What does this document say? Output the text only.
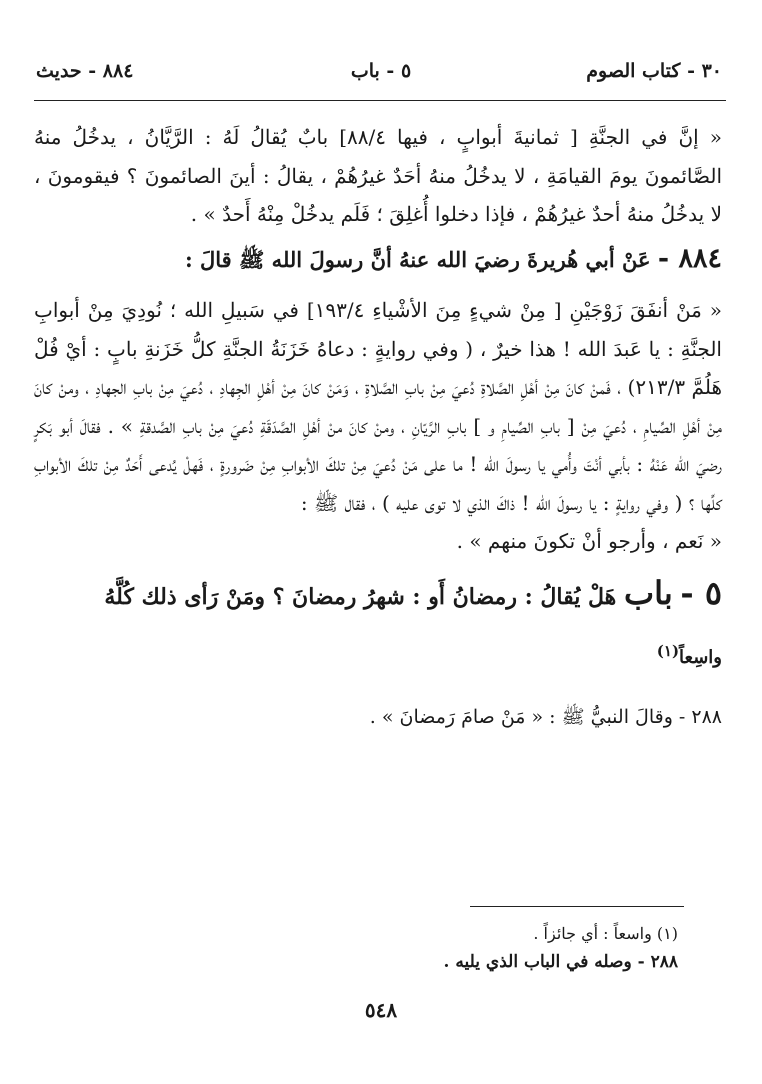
٣٠ - كتاب الصوم
٥ - باب
٨٨٤ - حديث

« إنَّ في الجنَّةِ [ ثمانيةَ أبوابٍ ، فيها ٨٨/٤] بابٌ يُقالُ لَهُ : الرَّيَّانُ ، يدخُلُ منهُ الصَّائمونَ يومَ القيامَةِ ، لا يدخُلُ منهُ أحَدٌ غيرُهُمْ ، يقالُ : أينَ الصائمونَ ؟ فيقومونَ ، لا يدخُلُ منهُ أحدٌ غيرُهُمْ ، فإذا دخلوا أُغلِقَ ؛ فَلَم يدخُلْ مِنْهُ أَحدٌ » .

٨٨٤ - عَنْ أبي هُريرةَ رضيَ الله عنهُ أنَّ رسولَ الله ﷺ قالَ :

« مَنْ أنفَقَ زَوْجَيْنِ [ مِنْ شيءٍ مِنَ الأشْياءِ ١٩٣/٤] في سَبيلِ الله ؛ نُودِيَ مِنْ أبوابِ الجنَّةِ : يا عَبدَ الله ! هذا خيرٌ ، ( وفي روايةٍ : دعاهُ خَزَنَةُ الجنَّةِ كلُّ خَزَنةِ بابٍ : أيْ فُلْ هَلُمَّ ٢١٣/٣) ، فَمنْ كانَ مِنْ أهْلِ الصَّلاةِ دُعيَ مِنْ بابِ الصَّلاةِ ، وَمَنْ كانَ مِنْ أهْلِ الجِهادِ ، دُعيَ مِنْ بابِ الجهادِ ، ومنْ كانَ مِنْ أهْلِ الصِّيامِ ، دُعيَ مِنْ [ بابِ الصِّيامِ و ] بابِ الرَّيّانِ ، ومنْ كانَ منْ أهْلِ الصَّدَقَةِ دُعيَ مِنْ بابِ الصَّدقةِ » . فقالَ أبو بَكرٍ رضيَ الله عَنْهُ : بأبي أنْتَ وأُمي يا رسولَ الله ! ما على مَنْ دُعيَ مِنْ تلكَ الأبوابِ مِنْ ضَرورةٍ ، فَهلْ يُدعى أَحَدٌ مِنْ تلكَ الأبوابِ كلِّها ؟ ( وفي روايةٍ : يا رسولَ الله ! ذاكَ الذي لا توى عليه ) ، فقال ﷺ :

« نَعم ، وأرجو أنْ تكونَ منهم » .

٥ - باب هَلْ يُقالُ : رمضانُ أَو : شهرُ رمضانَ ؟ ومَنْ رَأى ذلك كُلَّهُ

واسِعاً$^{(١)}$

٢٨٨ - وقالَ النبيُّ ﷺ : « مَنْ صامَ رَمضانَ » .

(١) واسعاً : أي جائزاً .

٢٨٨ - وصله في الباب الذي يليه .

٥٤٨
